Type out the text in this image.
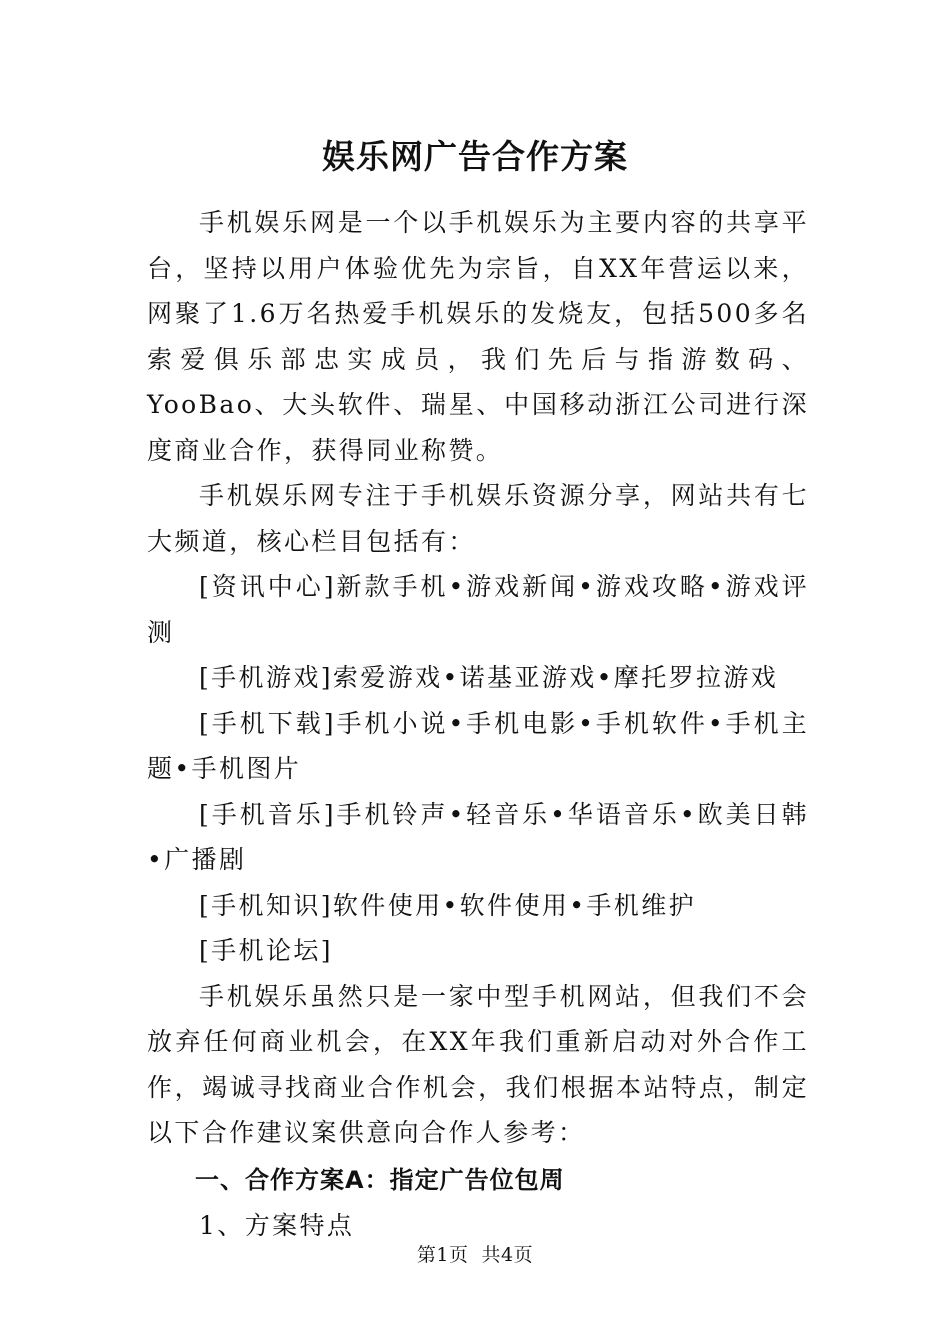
娱乐网广告合作方案

手机娱乐网是一个以手机娱乐为主要内容的共享平台，坚持以用户体验优先为宗旨，自XX年营运以来，网聚了1.6万名热爱手机娱乐的发烧友，包括500多名索爱俱乐部忠实成员，我们先后与指游数码、YooBao、大头软件、瑞星、中国移动浙江公司进行深度商业合作，获得同业称赞。

手机娱乐网专注于手机娱乐资源分享，网站共有七大频道，核心栏目包括有：

[资讯中心]新款手机•游戏新闻•游戏攻略•游戏评测

[手机游戏]索爱游戏•诺基亚游戏•摩托罗拉游戏

[手机下载]手机小说•手机电影•手机软件•手机主题•手机图片

[手机音乐]手机铃声•轻音乐•华语音乐•欧美日韩•广播剧

[手机知识]软件使用•软件使用•手机维护

[手机论坛]

手机娱乐虽然只是一家中型手机网站，但我们不会放弃任何商业机会，在XX年我们重新启动对外合作工作，竭诚寻找商业合作机会，我们根据本站特点，制定以下合作建议案供意向合作人参考：

一、合作方案A：指定广告位包周

1、方案特点

第1页 共4页
